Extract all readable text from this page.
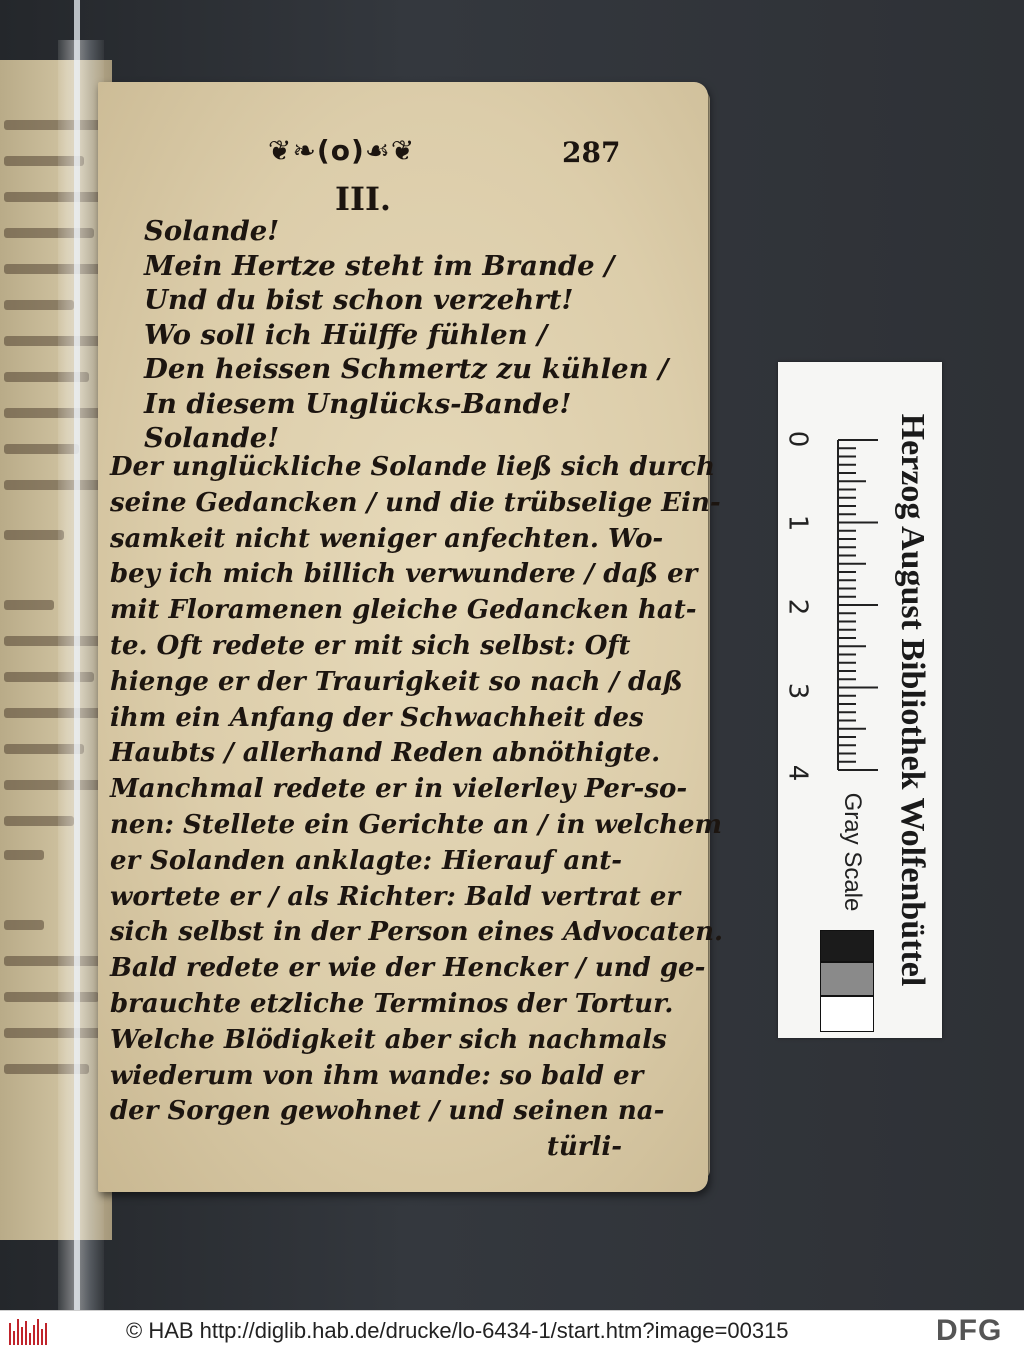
❦❧(o)☙❦	287
III.
Solande!
Mein Hertze steht im Brande /
Und du bist schon verzehrt!
Wo soll ich Hülffe fühlen /
Den heissen Schmertz zu kühlen /
In diesem Unglücks-Bande!
Solande!
Der unglückliche Solande ließ sich durch
seine Gedancken / und die trübselige Ein-
samkeit nicht weniger anfechten. Wo-
bey ich mich billich verwundere / daß er
mit Floramenen gleiche Gedancken hat-
te. Oft redete er mit sich selbst: Oft
hienge er der Traurigkeit so nach / daß
ihm ein Anfang der Schwachheit des
Haubts / allerhand Reden abnöthigte.
Manchmal redete er in vielerley Per-so-
nen: Stellete ein Gerichte an / in welchem
er Solanden anklagte: Hierauf ant-
wortete er / als Richter: Bald vertrat er
sich selbst in der Person eines Advocaten.
Bald redete er wie der Hencker / und ge-
brauchte etzliche Terminos der Tortur.
Welche Blödigkeit aber sich nachmals
wiederum von ihm wande: so bald er
der Sorgen gewohnet / und seinen na-
türli-
0
1
2
3
4 Herzog August Bibliothek Wolfenbüttel
Gray Scale
© HAB http://diglib.hab.de/drucke/lo-6434-1/start.htm?image=00315	DFG
